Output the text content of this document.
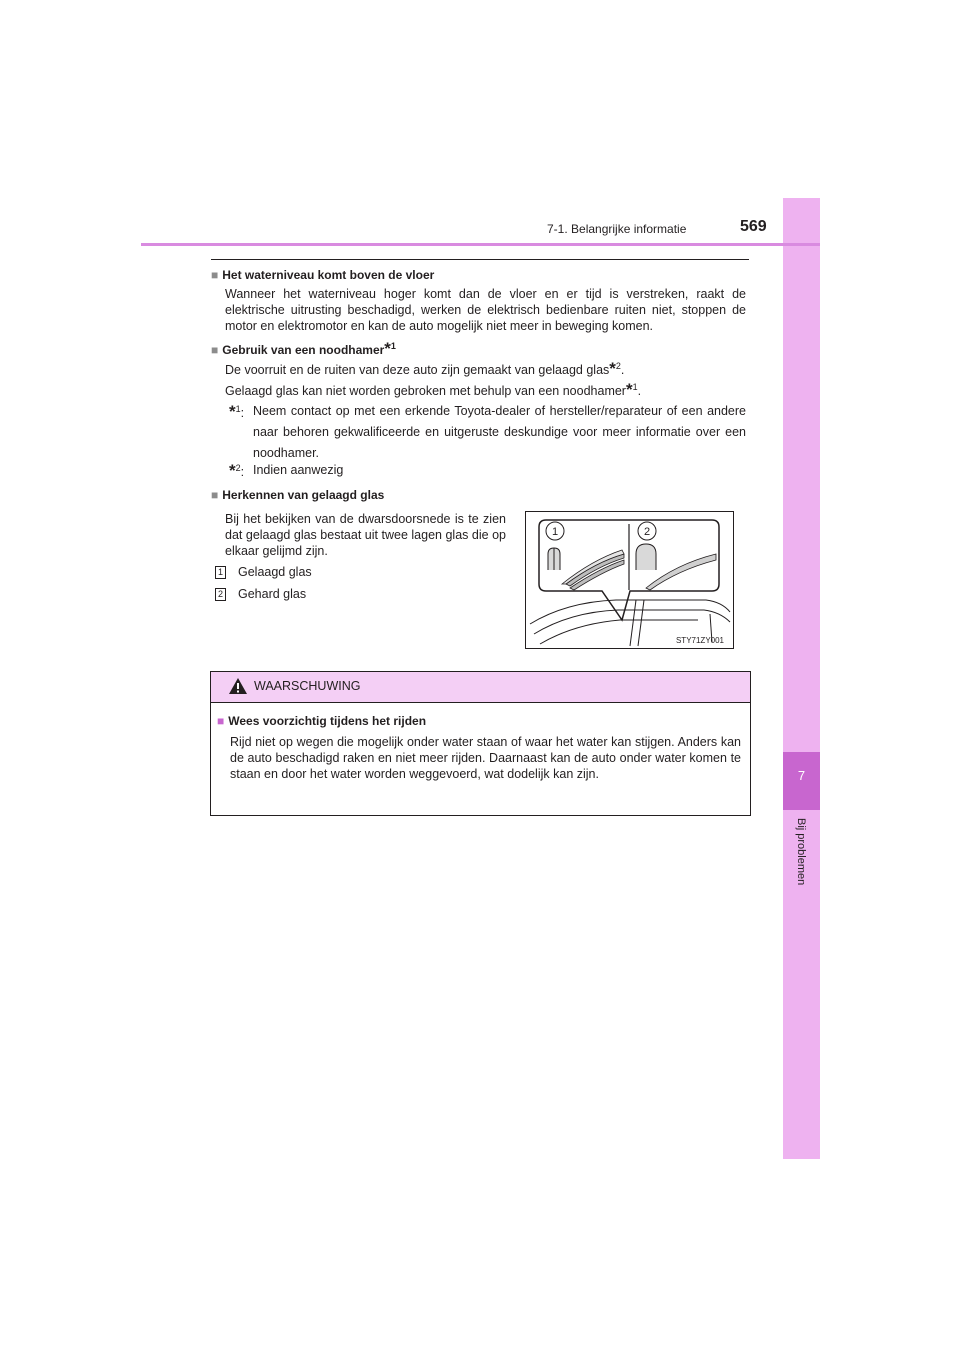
7
Bij problemen
7-1. Belangrijke informatie	569
■ Het waterniveau komt boven de vloer
Wanneer het waterniveau hoger komt dan de vloer en er tijd is verstreken, raakt de elektrische uitrusting beschadigd, werken de elektrisch bedienbare ruiten niet, stoppen de motor en elektromotor en kan de auto mogelijk niet meer in beweging komen.
■ Gebruik van een noodhamer*$^1$
De voorruit en de ruiten van deze auto zijn gemaakt van gelaagd glas*$^2$.
Gelaagd glas kan niet worden gebroken met behulp van een noodhamer*$^1$.
*$^1$: Neem contact op met een erkende Toyota-dealer of hersteller/reparateur of een andere naar behoren gekwalificeerde en uitgeruste deskundige voor meer informatie over een noodhamer.
*$^2$: Indien aanwezig
■ Herkennen van gelaagd glas
Bij het bekijken van de dwarsdoorsnede is te zien dat gelaagd glas bestaat uit twee lagen glas die op elkaar gelijmd zijn.
1 Gelaagd glas
2 Gehard glas
1	2
STY71ZY001
WAARSCHUWING
■ Wees voorzichtig tijdens het rijden
Rijd niet op wegen die mogelijk onder water staan of waar het water kan stijgen. Anders kan de auto beschadigd raken en niet meer rijden. Daarnaast kan de auto onder water komen te staan en door het water worden weggevoerd, wat dodelijk kan zijn.
